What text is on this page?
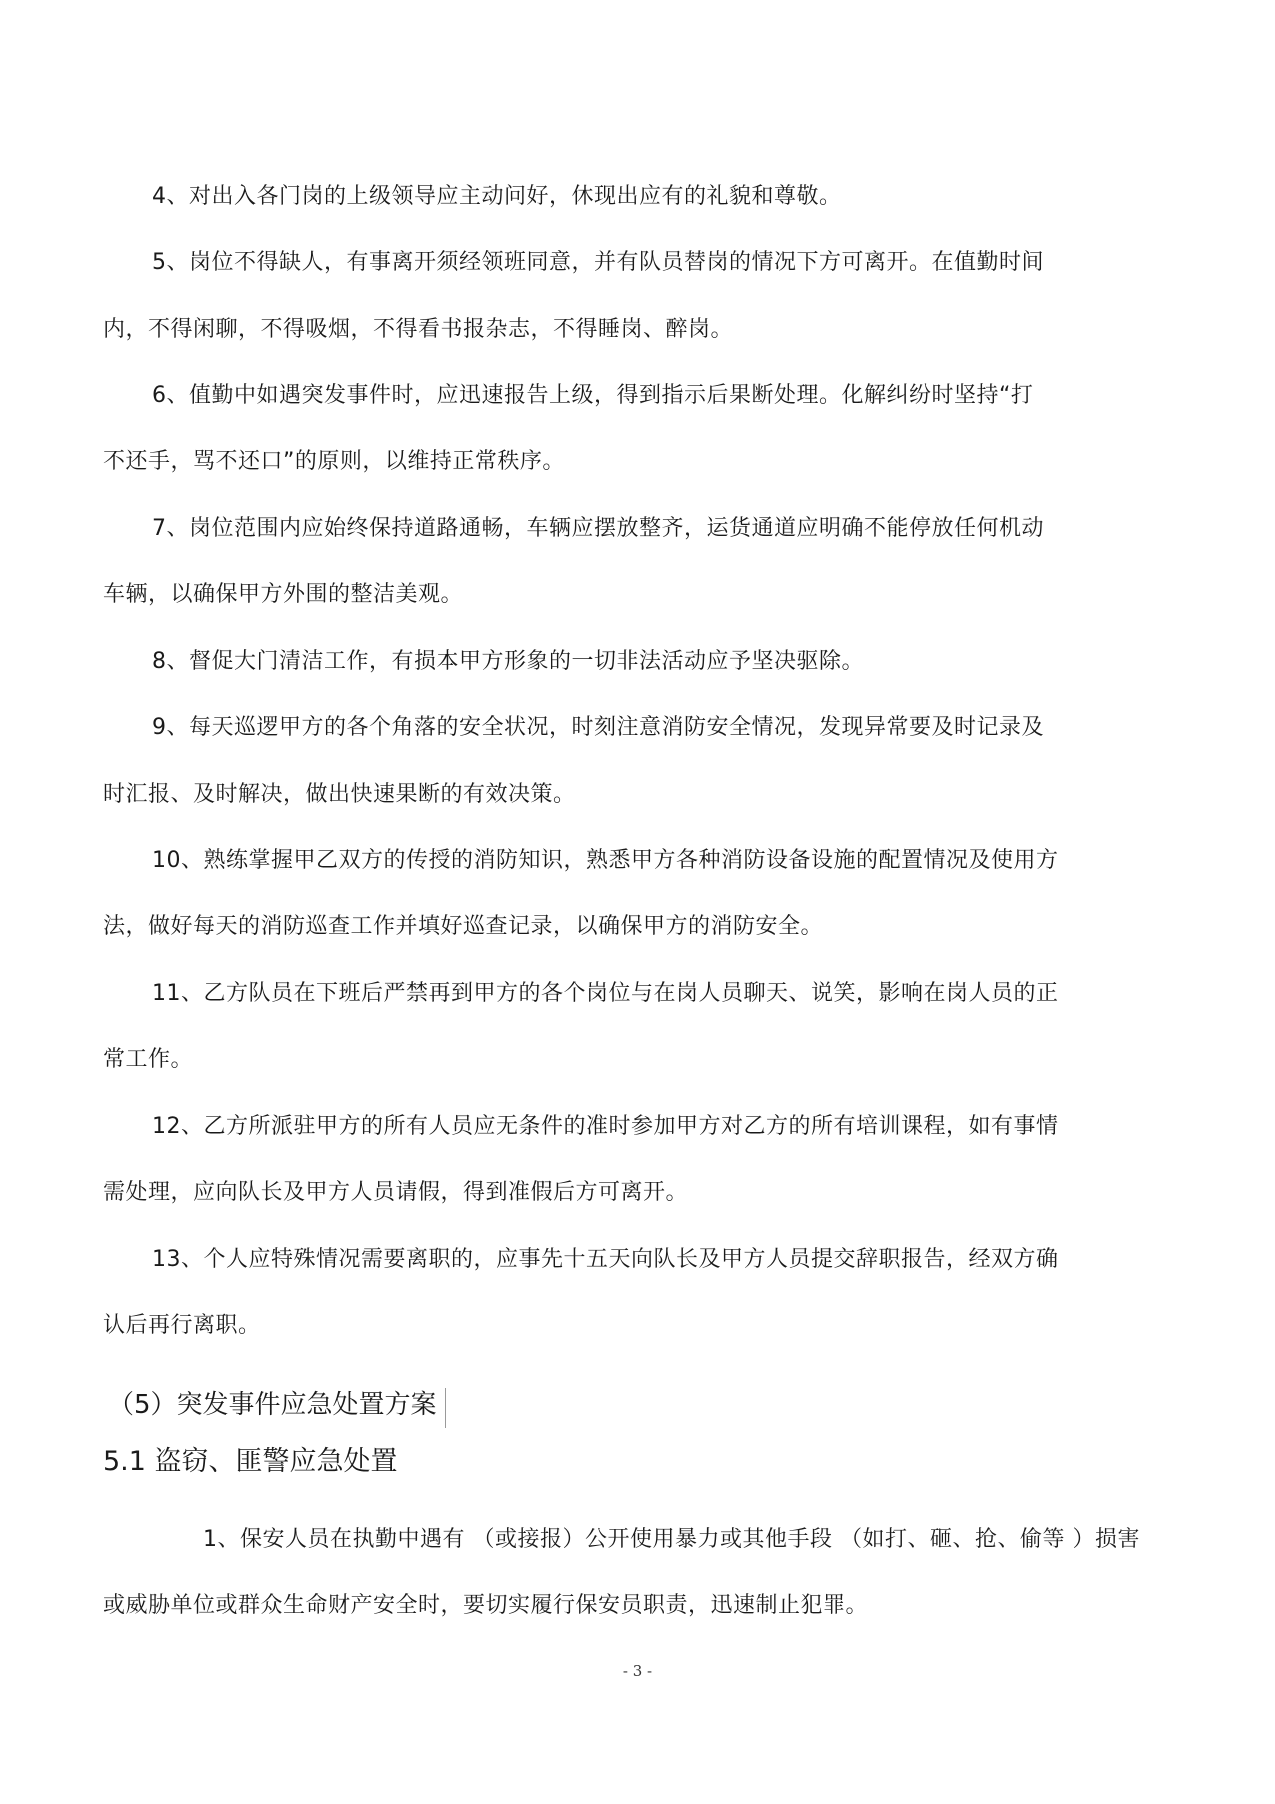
4、对出入各门岗的上级领导应主动问好，休现出应有的礼貌和尊敬。
5、岗位不得缺人，有事离开须经领班同意，并有队员替岗的情况下方可离开。在值勤时间
内，不得闲聊，不得吸烟，不得看书报杂志，不得睡岗、醉岗。
6、值勤中如遇突发事件时，应迅速报告上级，得到指示后果断处理。化解纠纷时坚持“打
不还手，骂不还口”的原则，以维持正常秩序。
7、岗位范围内应始终保持道路通畅，车辆应摆放整齐，运货通道应明确不能停放任何机动
车辆，以确保甲方外围的整洁美观。
8、督促大门清洁工作，有损本甲方形象的一切非法活动应予坚决驱除。
9、每天巡逻甲方的各个角落的安全状况，时刻注意消防安全情况，发现异常要及时记录及
时汇报、及时解决，做出快速果断的有效决策。
10、熟练掌握甲乙双方的传授的消防知识，熟悉甲方各种消防设备设施的配置情况及使用方
法，做好每天的消防巡查工作并填好巡查记录，以确保甲方的消防安全。
11、乙方队员在下班后严禁再到甲方的各个岗位与在岗人员聊天、说笑，影响在岗人员的正
常工作。
12、乙方所派驻甲方的所有人员应无条件的准时参加甲方对乙方的所有培训课程，如有事情
需处理，应向队长及甲方人员请假，得到准假后方可离开。
13、个人应特殊情况需要离职的，应事先十五天向队长及甲方人员提交辞职报告，经双方确
认后再行离职。
（5）突发事件应急处置方案
5.1 盗窃、匪警应急处置
1、保安人员在执勤中遇有 （或接报）公开使用暴力或其他手段 （如打、砸、抢、偷等 ）损害
或威胁单位或群众生命财产安全时，要切实履行保安员职责，迅速制止犯罪。
- 3 -
